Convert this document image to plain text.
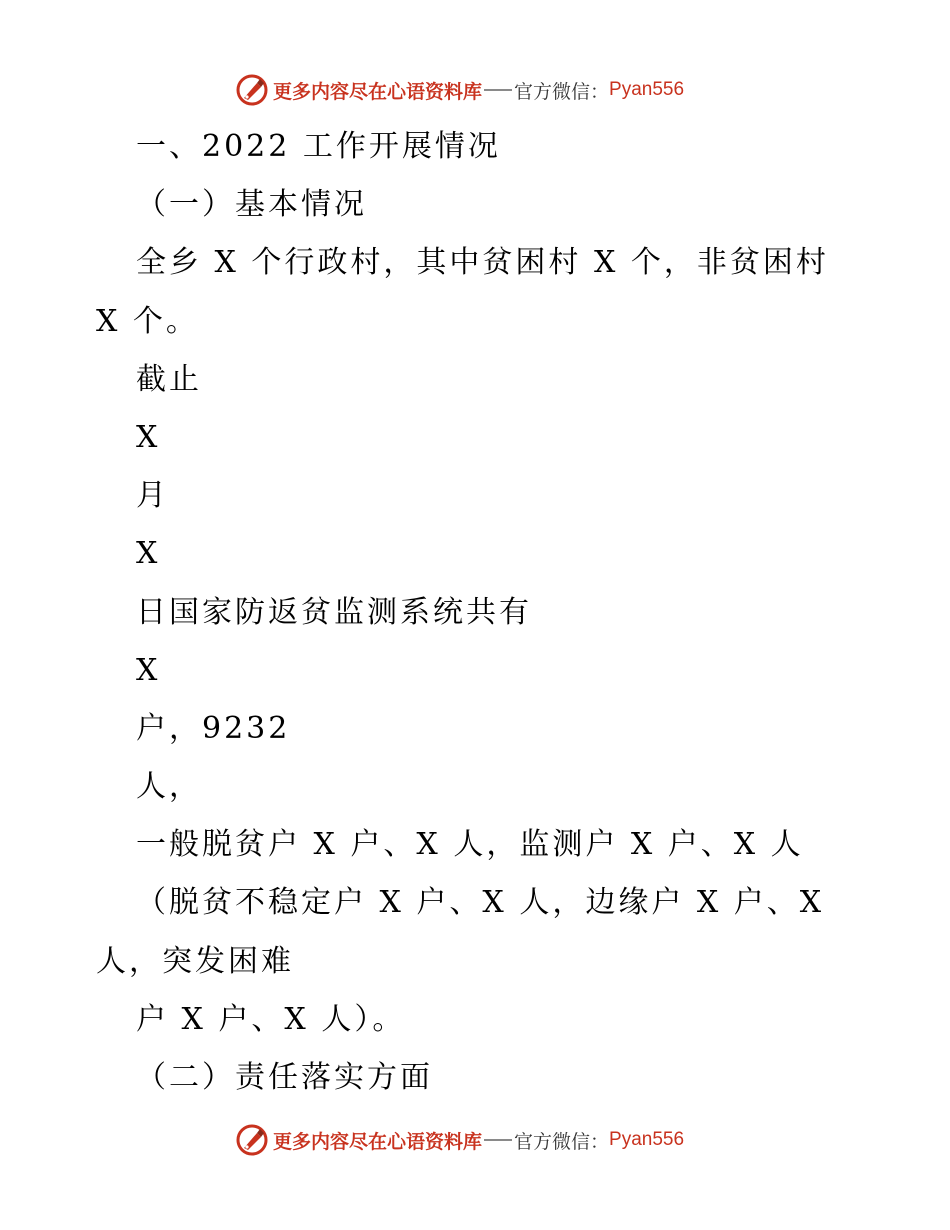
更多内容尽在心语资料库 官方微信： Pyan556
一、2022 工作开展情况
（一）基本情况
全乡 X 个行政村，其中贫困村 X 个，非贫困村
X 个。
截止
X
月
X
日国家防返贫监测系统共有
X
户，9232
人，
一般脱贫户 X 户、X 人，监测户 X 户、X 人
（脱贫不稳定户 X 户、X 人，边缘户 X 户、X
人，突发困难
户 X 户、X 人）。
（二）责任落实方面
更多内容尽在心语资料库 官方微信： Pyan556
